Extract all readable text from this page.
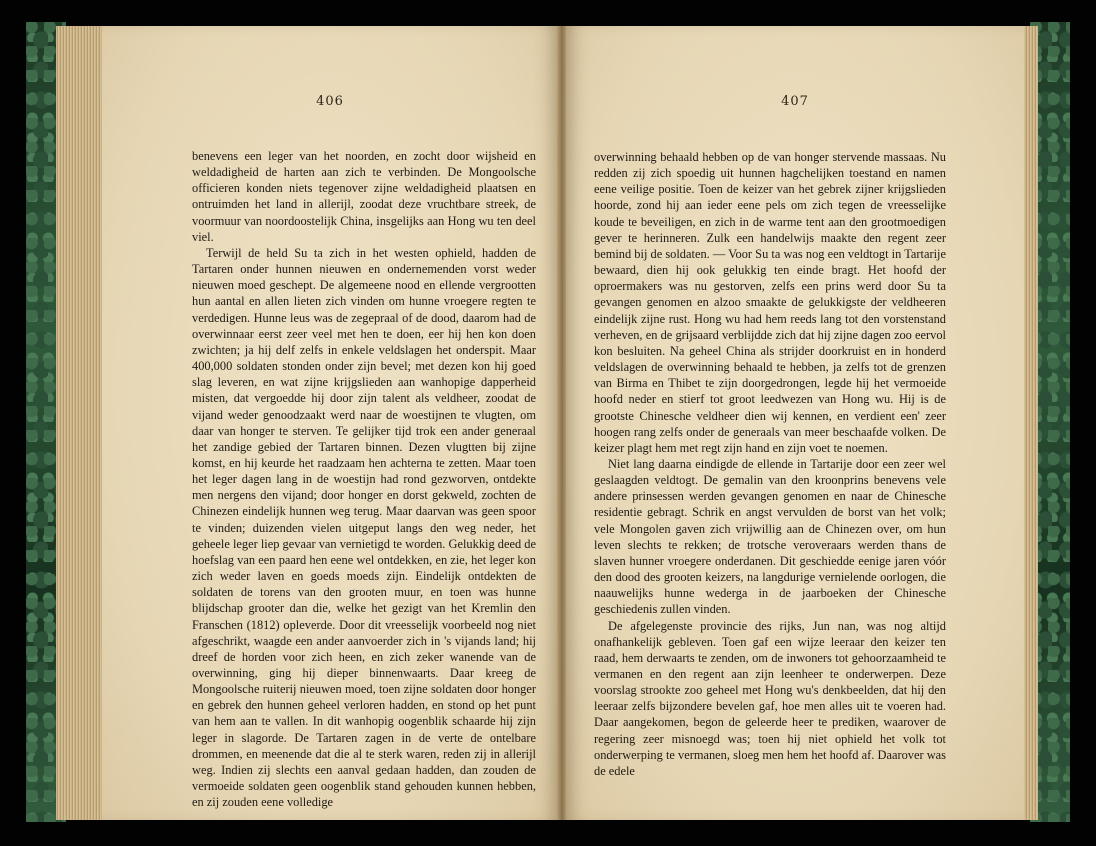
406

benevens een leger van het noorden, en zocht door wijsheid en weldadigheid de harten aan zich te verbinden. De Mongoolsche officieren konden niets tegenover zijne weldadigheid plaatsen en ontruimden het land in allerijl, zoodat deze vruchtbare streek, de voormuur van noordoostelijk China, insgelijks aan Hong wu ten deel viel.

Terwijl de held Su ta zich in het westen ophield, hadden de Tartaren onder hunnen nieuwen en ondernemenden vorst weder nieuwen moed geschept. De algemeene nood en ellende vergrootten hun aantal en allen lieten zich vinden om hunne vroegere regten te verdedigen. Hunne leus was de zegepraal of de dood, daarom had de overwinnaar eerst zeer veel met hen te doen, eer hij hen kon doen zwichten; ja hij delf zelfs in enkele veldslagen het onderspit. Maar 400,000 soldaten stonden onder zijn bevel; met dezen kon hij goed slag leveren, en wat zijne krijgslieden aan wanhopige dapperheid misten, dat vergoedde hij door zijn talent als veldheer, zoodat de vijand weder genoodzaakt werd naar de woestijnen te vlugten, om daar van honger te sterven. Te gelijker tijd trok een ander generaal het zandige gebied der Tartaren binnen. Dezen vlugtten bij zijne komst, en hij keurde het raadzaam hen achterna te zetten. Maar toen het leger dagen lang in de woestijn had rond gezworven, ontdekte men nergens den vijand; door honger en dorst gekweld, zochten de Chinezen eindelijk hunnen weg terug. Maar daarvan was geen spoor te vinden; duizenden vielen uitgeput langs den weg neder, het geheele leger liep gevaar van vernietigd te worden. Gelukkig deed de hoefslag van een paard hen eene wel ontdekken, en zie, het leger kon zich weder laven en goeds moeds zijn. Eindelijk ontdekten de soldaten de torens van den grooten muur, en toen was hunne blijdschap grooter dan die, welke het gezigt van het Kremlin den Franschen (1812) opleverde. Door dit vreesselijk voorbeeld nog niet afgeschrikt, waagde een ander aanvoerder zich in 's vijands land; hij dreef de horden voor zich heen, en zich zeker wanende van de overwinning, ging hij dieper binnenwaarts. Daar kreeg de Mongoolsche ruiterij nieuwen moed, toen zijne soldaten door honger en gebrek den hunnen geheel verloren hadden, en stond op het punt van hem aan te vallen. In dit wanhopig oogenblik schaarde hij zijn leger in slagorde. De Tartaren zagen in de verte de ontelbare drommen, en meenende dat die al te sterk waren, reden zij in allerijl weg. Indien zij slechts een aanval gedaan hadden, dan zouden de vermoeide soldaten geen oogenblik stand gehouden kunnen hebben, en zij zouden eene volledige

407

overwinning behaald hebben op de van honger stervende massaas. Nu redden zij zich spoedig uit hunnen hagchelijken toestand en namen eene veilige positie. Toen de keizer van het gebrek zijner krijgslieden hoorde, zond hij aan ieder eene pels om zich tegen de vreesselijke koude te beveiligen, en zich in de warme tent aan den grootmoedigen gever te herinneren. Zulk een handelwijs maakte den regent zeer bemind bij de soldaten. — Voor Su ta was nog een veldtogt in Tartarije bewaard, dien hij ook gelukkig ten einde bragt. Het hoofd der oproermakers was nu gestorven, zelfs een prins werd door Su ta gevangen genomen en alzoo smaakte de gelukkigste der veldheeren eindelijk zijne rust. Hong wu had hem reeds lang tot den vorstenstand verheven, en de grijsaard verblijdde zich dat hij zijne dagen zoo eervol kon besluiten. Na geheel China als strijder doorkruist en in honderd veldslagen de overwinning behaald te hebben, ja zelfs tot de grenzen van Birma en Thibet te zijn doorgedrongen, legde hij het vermoeide hoofd neder en stierf tot groot leedwezen van Hong wu. Hij is de grootste Chinesche veldheer dien wij kennen, en verdient een' zeer hoogen rang zelfs onder de generaals van meer beschaafde volken. De keizer plagt hem met regt zijn hand en zijn voet te noemen.

Niet lang daarna eindigde de ellende in Tartarije door een zeer wel geslaagden veldtogt. De gemalin van den kroonprins benevens vele andere prinsessen werden gevangen genomen en naar de Chinesche residentie gebragt. Schrik en angst vervulden de borst van het volk; vele Mongolen gaven zich vrijwillig aan de Chinezen over, om hun leven slechts te rekken; de trotsche veroveraars werden thans de slaven hunner vroegere onderdanen. Dit geschiedde eenige jaren vóór den dood des grooten keizers, na langdurige vernielende oorlogen, die naauwelijks hunne wederga in de jaarboeken der Chinesche geschiedenis zullen vinden.

De afgelegenste provincie des rijks, Jun nan, was nog altijd onafhankelijk gebleven. Toen gaf een wijze leeraar den keizer ten raad, hem derwaarts te zenden, om de inwoners tot gehoorzaamheid te vermanen en den regent aan zijn leenheer te onderwerpen. Deze voorslag strookte zoo geheel met Hong wu's denkbeelden, dat hij den leeraar zelfs bijzondere bevelen gaf, hoe men alles uit te voeren had. Daar aangekomen, begon de geleerde heer te prediken, waarover de regering zeer misnoegd was; toen hij niet ophield het volk tot onderwerping te vermanen, sloeg men hem het hoofd af. Daarover was de edele
